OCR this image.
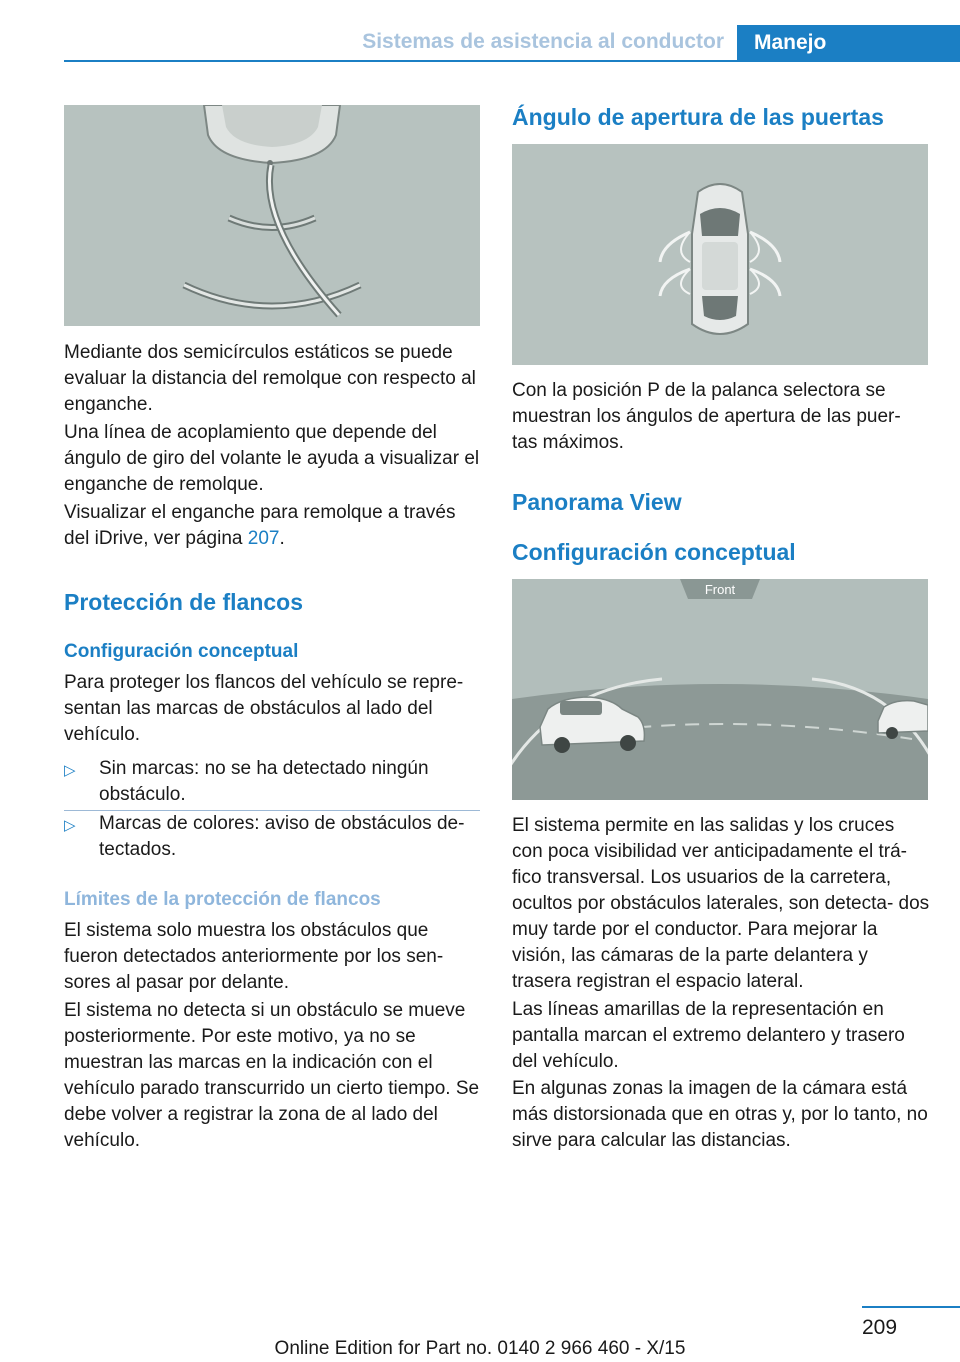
Sistemas de asistencia al conductor	Manejo
Mediante dos semicírculos estáticos se puede evaluar la distancia del remolque con respecto al enganche.
Una línea de acoplamiento que depende del ángulo de giro del volante le ayuda a visualizar el enganche de remolque.
Visualizar el enganche para remolque a través del iDrive, ver página 207.
Protección de flancos
Configuración conceptual
Para proteger los flancos del vehículo se repre‐ sentan las marcas de obstáculos al lado del vehículo.
▷ Sin marcas: no se ha detectado ningún obstáculo.
▷ Marcas de colores: aviso de obstáculos de‐ tectados.
Límites de la protección de flancos
El sistema solo muestra los obstáculos que fueron detectados anteriormente por los sen‐ sores al pasar por delante.
El sistema no detecta si un obstáculo se mueve posteriormente. Por este motivo, ya no se muestran las marcas en la indicación con el vehículo parado transcurrido un cierto tiempo. Se debe volver a registrar la zona de al lado del vehículo.
Ángulo de apertura de las puertas
Con la posición P de la palanca selectora se muestran los ángulos de apertura de las puer‐ tas máximos.
Panorama View
Configuración conceptual
Front
El sistema permite en las salidas y los cruces con poca visibilidad ver anticipadamente el trá‐ fico transversal. Los usuarios de la carretera, ocultos por obstáculos laterales, son detecta‐ dos muy tarde por el conductor. Para mejorar la visión, las cámaras de la parte delantera y trasera registran el espacio lateral.
Las líneas amarillas de la representación en pantalla marcan el extremo delantero y trasero del vehículo.
En algunas zonas la imagen de la cámara está más distorsionada que en otras y, por lo tanto, no sirve para calcular las distancias.
209
Online Edition for Part no. 0140 2 966 460 - X/15
